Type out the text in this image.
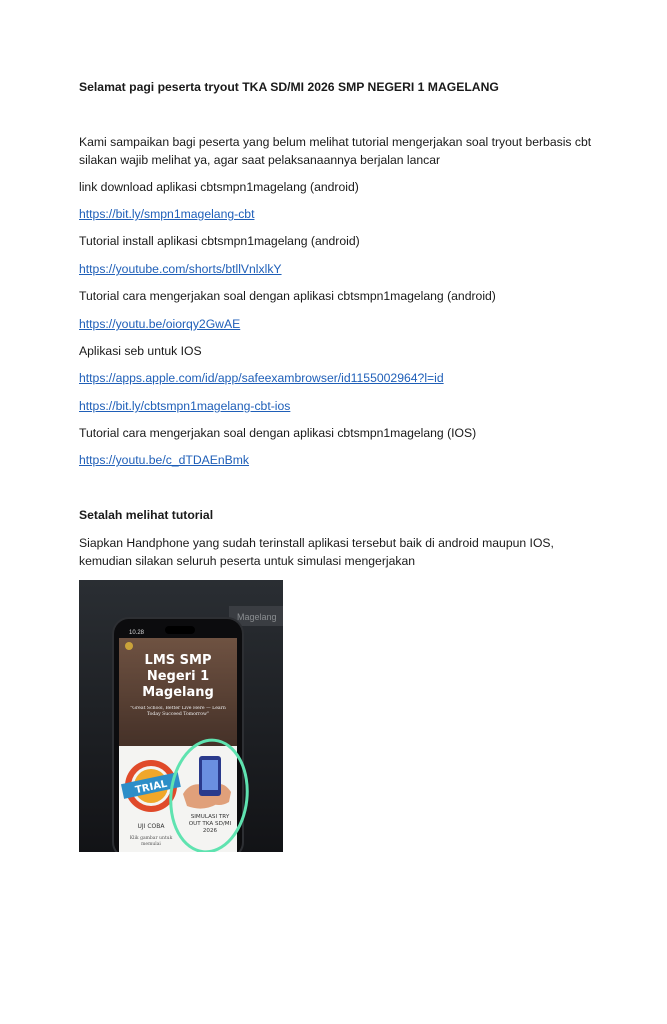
Selamat pagi peserta tryout TKA SD/MI 2026 SMP NEGERI 1 MAGELANG
Kami sampaikan bagi peserta yang belum melihat tutorial mengerjakan soal tryout berbasis cbt
silakan wajib melihat ya, agar saat pelaksanaannya berjalan lancar
link download aplikasi cbtsmpn1magelang (android)
https://bit.ly/smpn1magelang-cbt
Tutorial install aplikasi cbtsmpn1magelang (android)
https://youtube.com/shorts/btllVnlxlkY
Tutorial cara mengerjakan soal dengan aplikasi cbtsmpn1magelang (android)
https://youtu.be/oiorqy2GwAE
Aplikasi seb untuk IOS
https://apps.apple.com/id/app/safeexambrowser/id1155002964?l=id
https://bit.ly/cbtsmpn1magelang-cbt-ios
Tutorial cara mengerjakan soal dengan aplikasi cbtsmpn1magelang (IOS)
https://youtu.be/c_dTDAEnBmk
Setalah melihat tutorial
Siapkan Handphone yang sudah terinstall aplikasi tersebut baik di android maupun IOS,
kemudian silakan seluruh peserta untuk simulasi mengerjakan
Magelang
10.28
LMS SMP
Negeri 1
Magelang
"Great School, Better Live Here — Learn Today Succeed Tomorrow"
TRIAL
UJI COBA
Klik gambar untuk
memulai
SIMULASI TRY
OUT TKA SD/MI
2026
